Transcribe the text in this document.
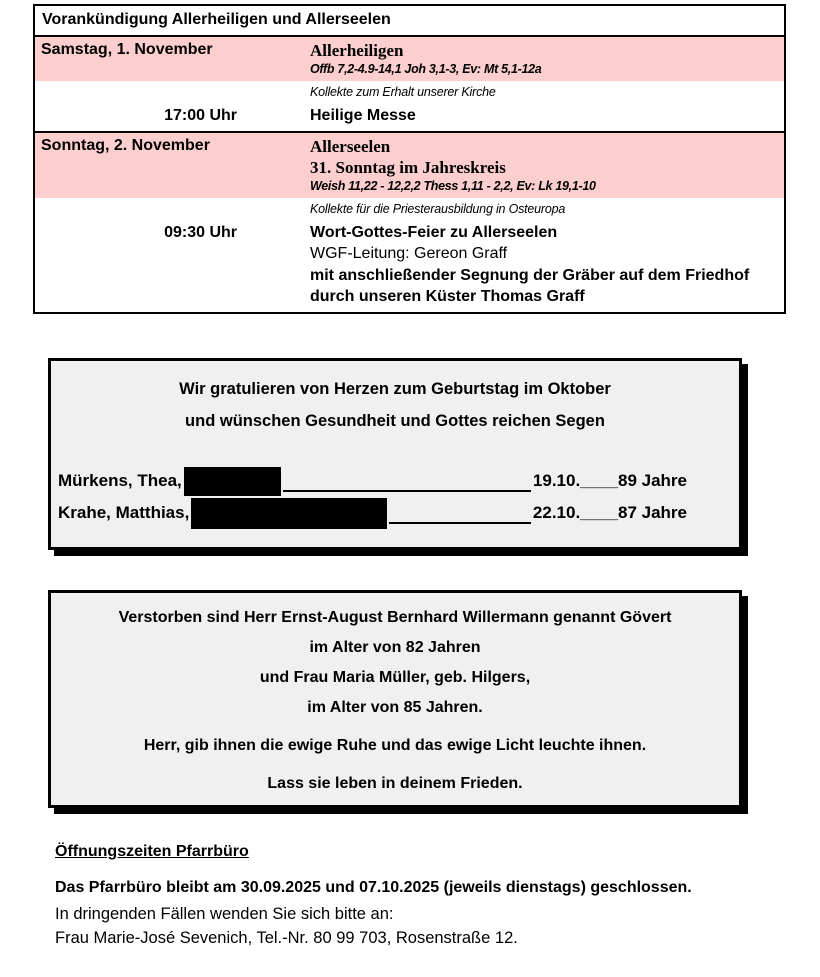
Vorankündigung Allerheiligen und Allerseelen
Samstag, 1. November	Allerheiligen
Offb 7,2-4.9-14,1 Joh 3,1-3, Ev: Mt 5,1-12a
Kollekte zum Erhalt unserer Kirche
17:00 Uhr	Heilige Messe
Sonntag, 2. November	Allerseelen
31. Sonntag im Jahreskreis
Weish 11,22 - 12,2,2 Thess 1,11 - 2,2, Ev: Lk 19,1-10
Kollekte für die Priesterausbildung in Osteuropa
09:30 Uhr	Wort-Gottes-Feier zu Allerseelen
WGF-Leitung: Gereon Graff
mit anschließender Segnung der Gräber auf dem Friedhof
durch unseren Küster Thomas Graff
Wir gratulieren von Herzen zum Geburtstag im Oktober
und wünschen Gesundheit und Gottes reichen Segen
Mürkens, Thea,	19.10.____89 Jahre
Krahe, Matthias,	22.10.____87 Jahre
Verstorben sind Herr Ernst-August Bernhard Willermann genannt Gövert
im Alter von 82 Jahren
und Frau Maria Müller, geb. Hilgers,
im Alter von 85 Jahren.
Herr, gib ihnen die ewige Ruhe und das ewige Licht leuchte ihnen.
Lass sie leben in deinem Frieden.
Öffnungszeiten Pfarrbüro
Das Pfarrbüro bleibt am 30.09.2025 und 07.10.2025 (jeweils dienstags) geschlossen.
In dringenden Fällen wenden Sie sich bitte an:
Frau Marie-José Sevenich, Tel.-Nr. 80 99 703, Rosenstraße 12.
